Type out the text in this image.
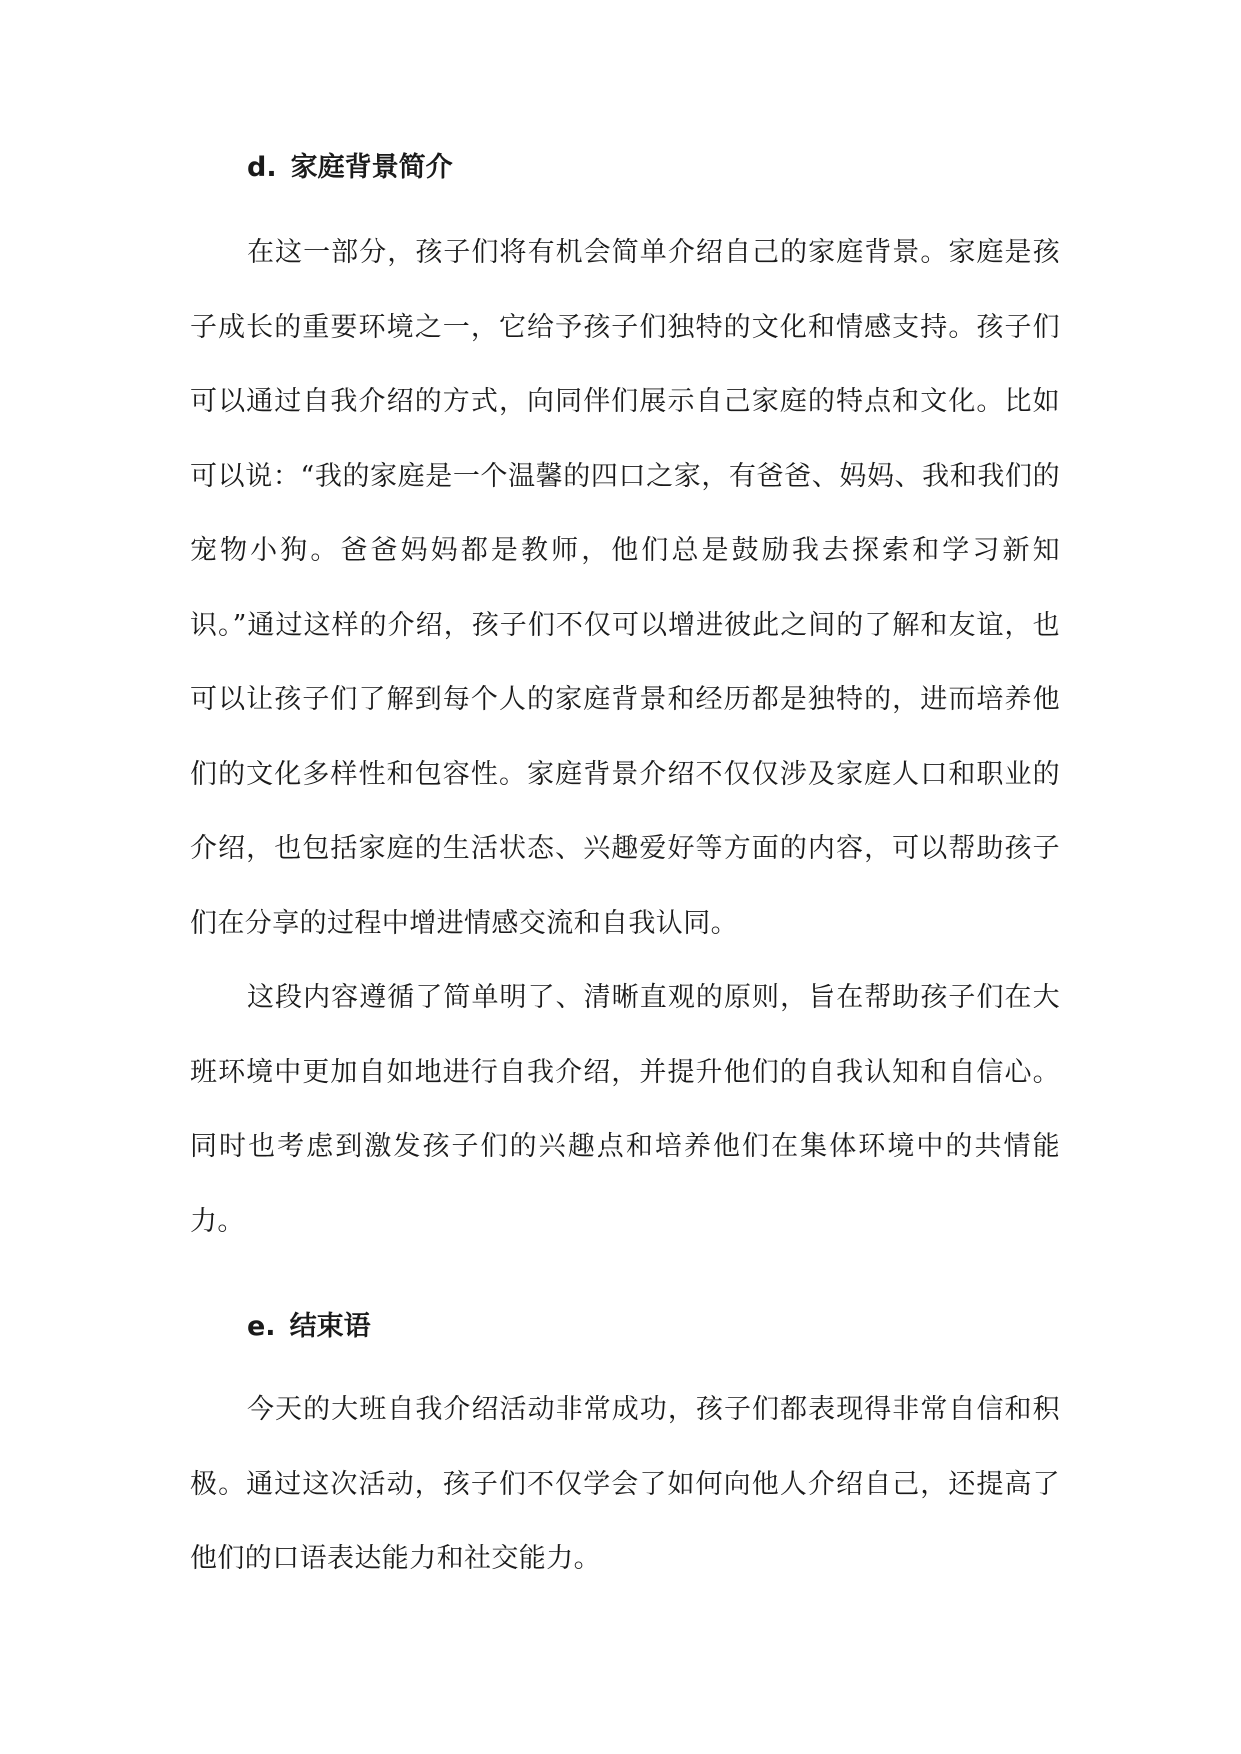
d. 家庭背景简介

在这一部分，孩子们将有机会简单介绍自己的家庭背景。家庭是孩子成长的重要环境之一，它给予孩子们独特的文化和情感支持。孩子们可以通过自我介绍的方式，向同伴们展示自己家庭的特点和文化。比如可以说：“我的家庭是一个温馨的四口之家，有爸爸、妈妈、我和我们的宠物小狗。爸爸妈妈都是教师，他们总是鼓励我去探索和学习新知识。”通过这样的介绍，孩子们不仅可以增进彼此之间的了解和友谊，也可以让孩子们了解到每个人的家庭背景和经历都是独特的，进而培养他们的文化多样性和包容性。家庭背景介绍不仅仅涉及家庭人口和职业的介绍，也包括家庭的生活状态、兴趣爱好等方面的内容，可以帮助孩子们在分享的过程中增进情感交流和自我认同。

这段内容遵循了简单明了、清晰直观的原则，旨在帮助孩子们在大班环境中更加自如地进行自我介绍，并提升他们的自我认知和自信心。同时也考虑到激发孩子们的兴趣点和培养他们在集体环境中的共情能力。

e. 结束语

今天的大班自我介绍活动非常成功，孩子们都表现得非常自信和积极。通过这次活动，孩子们不仅学会了如何向他人介绍自己，还提高了他们的口语表达能力和社交能力。
